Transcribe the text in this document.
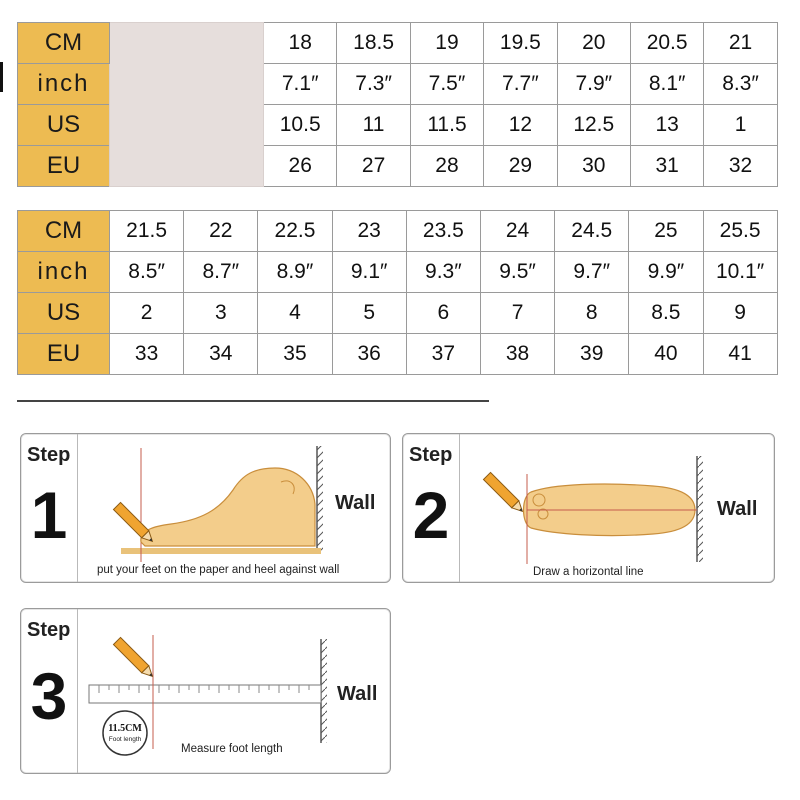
CM		18	18.5	19	19.5	20	20.5	21
inch		7.1″	7.3″	7.5″	7.7″	7.9″	8.1″	8.3″
US		10.5	11	11.5	12	12.5	13	1
EU		26	27	28	29	30	31	32
CM	21.5	22	22.5	23	23.5	24	24.5	25	25.5
inch	8.5″	8.7″	8.9″	9.1″	9.3″	9.5″	9.7″	9.9″	10.1″
US	2	3	4	5	6	7	8	8.5	9
EU	33	34	35	36	37	38	39	40	41
Step
1	Wall
put your feet on the paper and heel against wall
Step
2	Wall
Draw a horizontal line
Step
3	Wall
11.5CM
Foot length
Measure foot length
